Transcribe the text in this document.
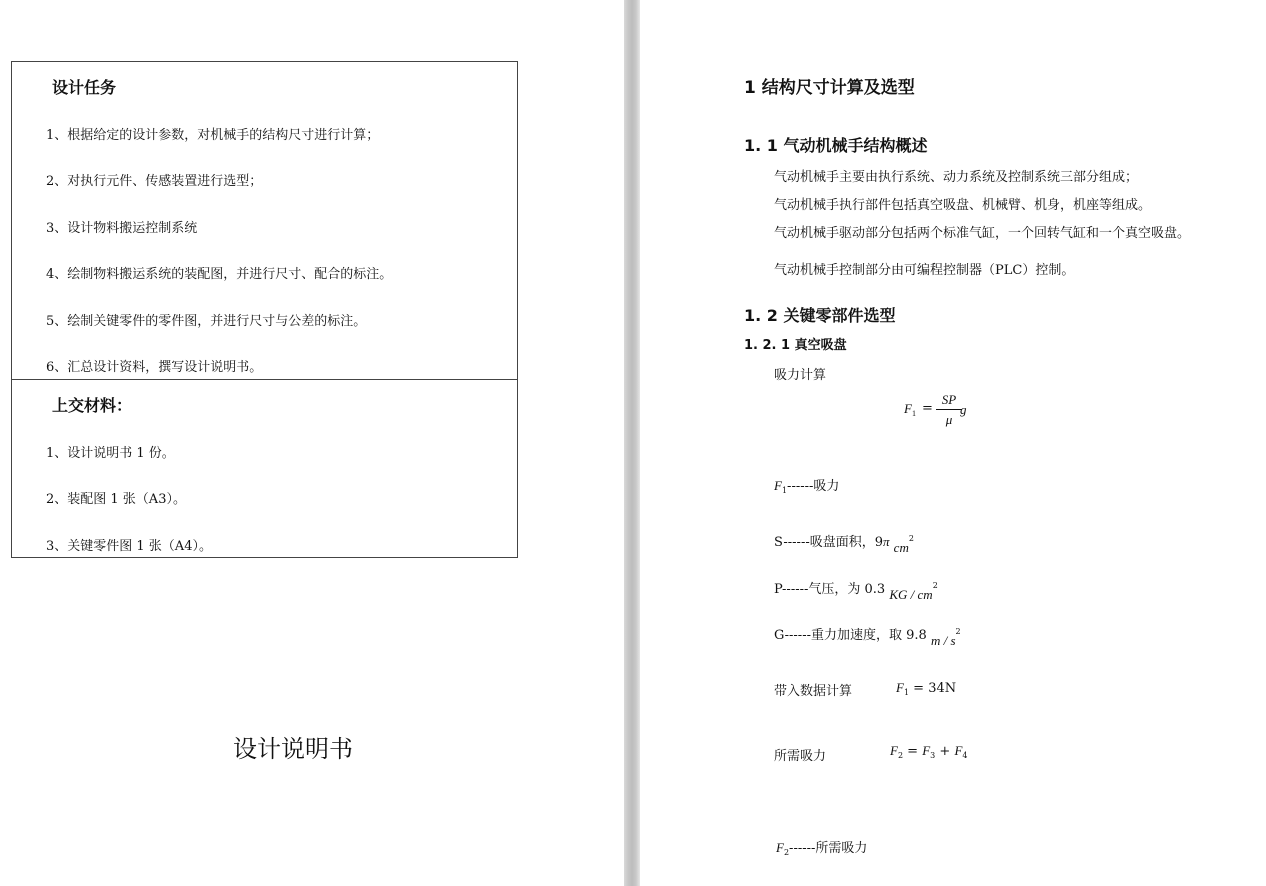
设计任务
1、根据给定的设计参数，对机械手的结构尺寸进行计算；
2、对执行元件、传感装置进行选型；
3、设计物料搬运控制系统
4、绘制物料搬运系统的装配图，并进行尺寸、配合的标注。
5、绘制关键零件的零件图，并进行尺寸与公差的标注。
6、汇总设计资料，撰写设计说明书。
上交材料：
1、设计说明书 1 份。
2、装配图 1 张（A3）。
3、关键零件图 1 张（A4）。
设计说明书
1 结构尺寸计算及选型
1. 1 气动机械手结构概述
气动机械手主要由执行系统、动力系统及控制系统三部分组成；
气动机械手执行部件包括真空吸盘、机械臂、机身，机座等组成。
气动机械手驱动部分包括两个标准气缸，一个回转气缸和一个真空吸盘。
气动机械手控制部分由可编程控制器（PLC）控制。
1. 2 关键零部件选型
1. 2. 1 真空吸盘
吸力计算
$F_1$ =
SP
μ
g
$F_1------$吸力
S------吸盘面积，9π $cm^2$
P------气压，为 0.3 KG / $cm^2$
G------重力加速度，取 9.8 m / $s^2$
带入数据计算	$F_1 = 34N$
所需吸力	$F_2 = F_3 + F_4$
$F_2------$所需吸力
